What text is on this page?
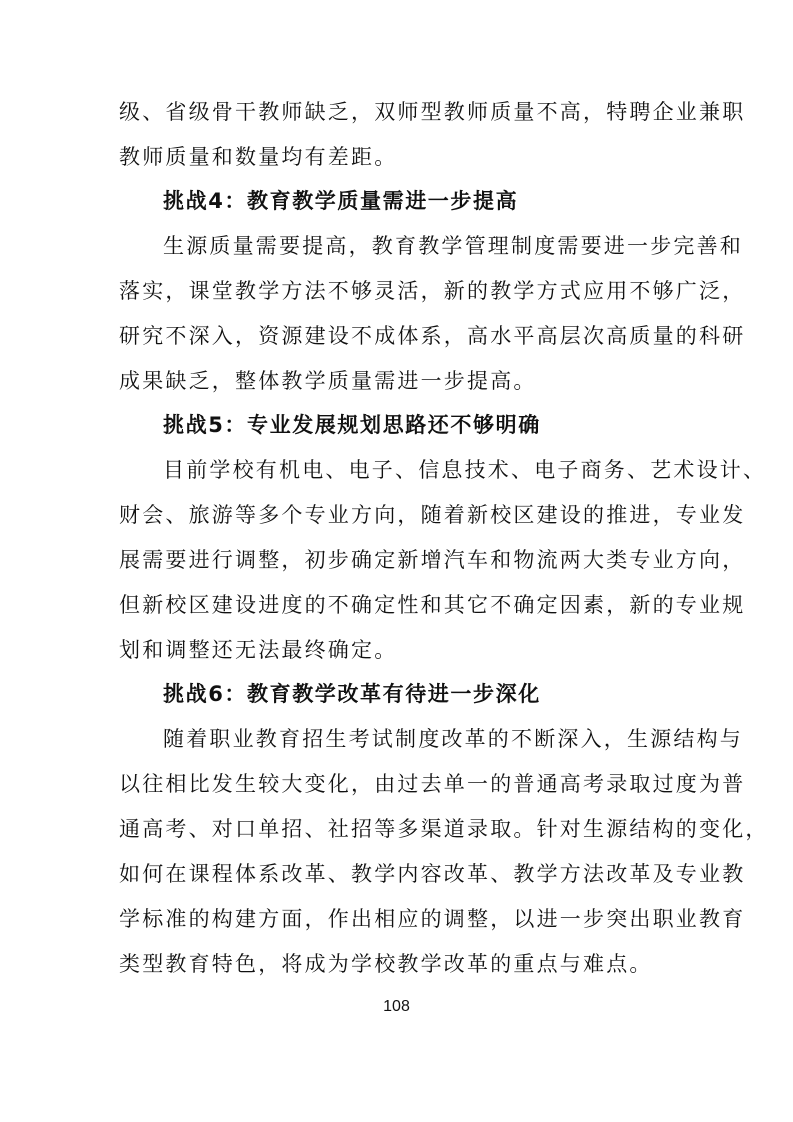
级、省级骨干教师缺乏，双师型教师质量不高，特聘企业兼职
教师质量和数量均有差距。
挑战4：教育教学质量需进一步提高
生源质量需要提高，教育教学管理制度需要进一步完善和
落实，课堂教学方法不够灵活，新的教学方式应用不够广泛，
研究不深入，资源建设不成体系，高水平高层次高质量的科研
成果缺乏，整体教学质量需进一步提高。
挑战5：专业发展规划思路还不够明确
目前学校有机电、电子、信息技术、电子商务、艺术设计、
财会、旅游等多个专业方向，随着新校区建设的推进，专业发
展需要进行调整，初步确定新增汽车和物流两大类专业方向，
但新校区建设进度的不确定性和其它不确定因素，新的专业规
划和调整还无法最终确定。
挑战6：教育教学改革有待进一步深化
随着职业教育招生考试制度改革的不断深入，生源结构与
以往相比发生较大变化，由过去单一的普通高考录取过度为普
通高考、对口单招、社招等多渠道录取。针对生源结构的变化，
如何在课程体系改革、教学内容改革、教学方法改革及专业教
学标准的构建方面，作出相应的调整，以进一步突出职业教育
类型教育特色，将成为学校教学改革的重点与难点。
108
